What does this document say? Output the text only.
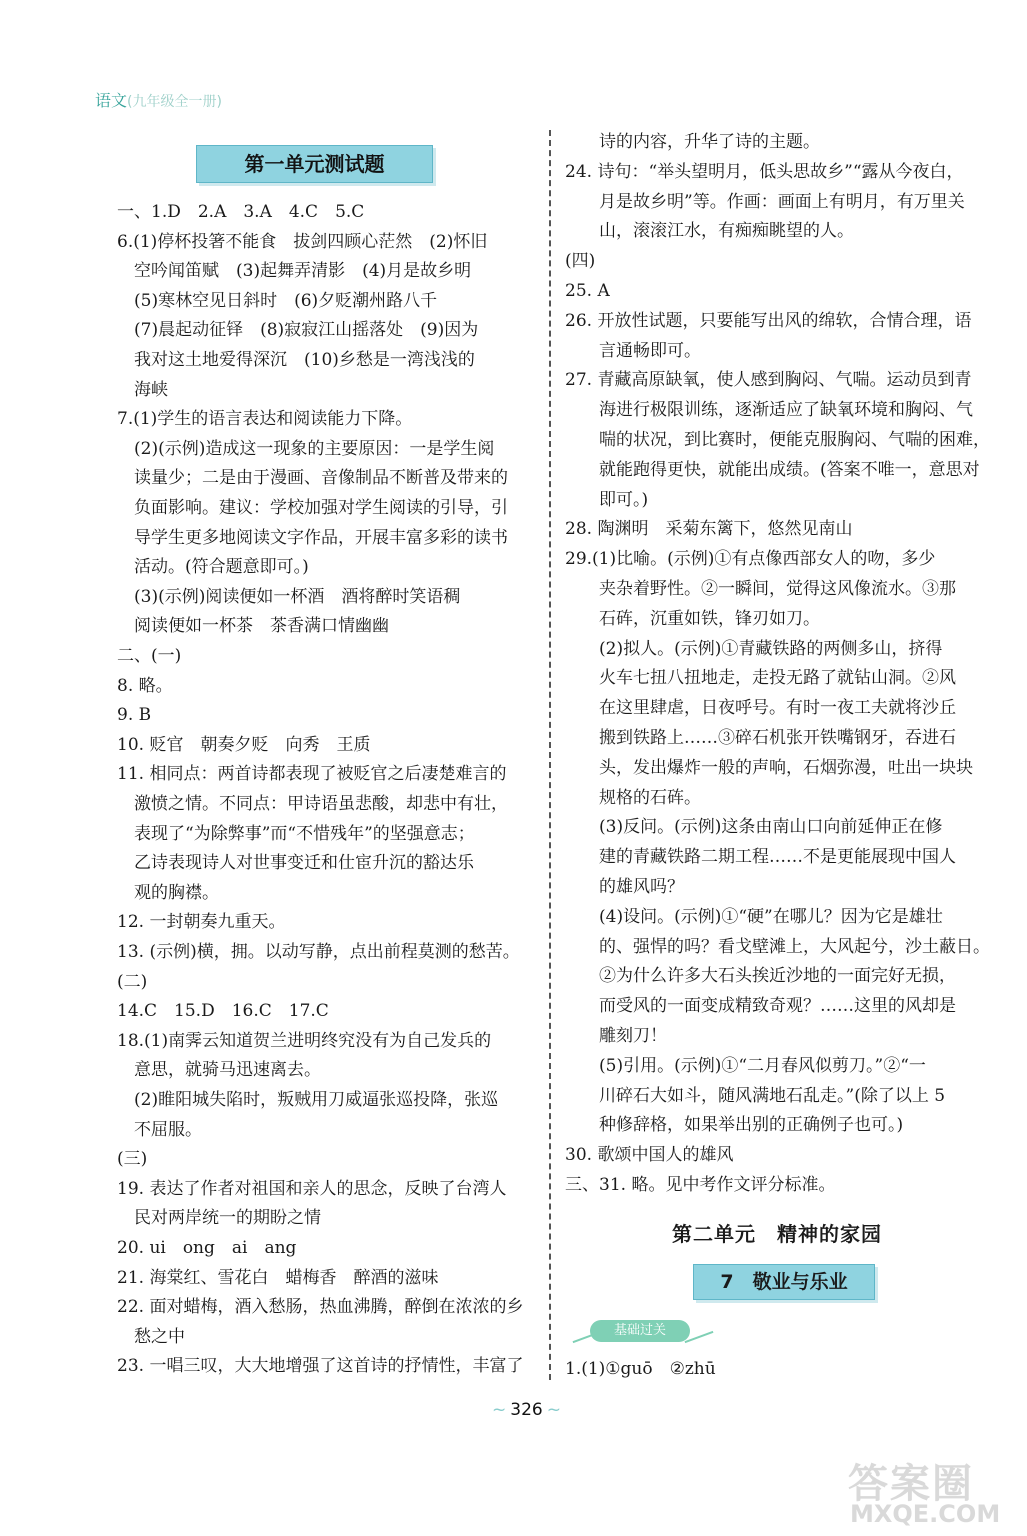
语文(九年级全一册)
第一单元测试题
一、1.D　2.A　3.A　4.C　5.C
6.(1)停杯投箸不能食　拔剑四顾心茫然　(2)怀旧
空吟闻笛赋　(3)起舞弄清影　(4)月是故乡明
(5)寒林空见日斜时　(6)夕贬潮州路八千
(7)晨起动征铎　(8)寂寂江山摇落处　(9)因为
我对这土地爱得深沉　(10)乡愁是一湾浅浅的
海峡
7.(1)学生的语言表达和阅读能力下降。
(2)(示例)造成这一现象的主要原因：一是学生阅
读量少；二是由于漫画、音像制品不断普及带来的
负面影响。建议：学校加强对学生阅读的引导，引
导学生更多地阅读文字作品，开展丰富多彩的读书
活动。(符合题意即可。)
(3)(示例)阅读便如一杯酒　酒将醉时笑语稠
阅读便如一杯茶　茶香满口情幽幽
二、(一)
8. 略。
9. B
10. 贬官　朝奏夕贬　向秀　王质
11. 相同点：两首诗都表现了被贬官之后凄楚难言的
激愤之情。不同点：甲诗语虽悲酸，却悲中有壮，
表现了“为除弊事”而“不惜残年”的坚强意志；
乙诗表现诗人对世事变迁和仕宦升沉的豁达乐
观的胸襟。
12. 一封朝奏九重天。
13. (示例)横，拥。以动写静，点出前程莫测的愁苦。
(二)
14.C　15.D　16.C　17.C
18.(1)南霁云知道贺兰进明终究没有为自己发兵的
意思，就骑马迅速离去。
(2)睢阳城失陷时，叛贼用刀威逼张巡投降，张巡
不屈服。
(三)
19. 表达了作者对祖国和亲人的思念，反映了台湾人
民对两岸统一的期盼之情
20. ui　ong　ai　ang
21. 海棠红、雪花白　蜡梅香　醉酒的滋味
22. 面对蜡梅，酒入愁肠，热血沸腾，醉倒在浓浓的乡
愁之中
23. 一唱三叹，大大地增强了这首诗的抒情性，丰富了
诗的内容，升华了诗的主题。
24. 诗句：“举头望明月，低头思故乡”“露从今夜白，
月是故乡明”等。作画：画面上有明月，有万里关
山，滚滚江水，有痴痴眺望的人。
(四)
25. A
26. 开放性试题，只要能写出风的绵软，合情合理，语
言通畅即可。
27. 青藏高原缺氧，使人感到胸闷、气喘。运动员到青
海进行极限训练，逐渐适应了缺氧环境和胸闷、气
喘的状况，到比赛时，便能克服胸闷、气喘的困难，
就能跑得更快，就能出成绩。(答案不唯一，意思对
即可。)
28. 陶渊明　采菊东篱下，悠然见南山
29.(1)比喻。(示例)①有点像西部女人的吻，多少
夹杂着野性。②一瞬间，觉得这风像流水。③那
石砗，沉重如铁，锋刃如刀。
(2)拟人。(示例)①青藏铁路的两侧多山，挤得
火车七扭八扭地走，走投无路了就钻山洞。②风
在这里肆虐，日夜呼号。有时一夜工夫就将沙丘
搬到铁路上……③碎石机张开铁嘴钢牙，吞进石
头，发出爆炸一般的声响，石烟弥漫，吐出一块块
规格的石砗。
(3)反问。(示例)这条由南山口向前延伸正在修
建的青藏铁路二期工程……不是更能展现中国人
的雄风吗？
(4)设问。(示例)①“硬”在哪儿？因为它是雄壮
的、强悍的吗？看戈壁滩上，大风起兮，沙土蔽日。
②为什么许多大石头挨近沙地的一面完好无损，
而受风的一面变成精致奇观？……这里的风却是
雕刻刀！
(5)引用。(示例)①“二月春风似剪刀。”②“一
川碎石大如斗，随风满地石乱走。”(除了以上 5
种修辞格，如果举出别的正确例子也可。)
30. 歌颂中国人的雄风
三、31. 略。见中考作文评分标准。
第二单元　精神的家园
7　敬业与乐业
基础过关
1.(1)①guō　②zhū
~ 326 ~
答案圈
MXQE.COM
